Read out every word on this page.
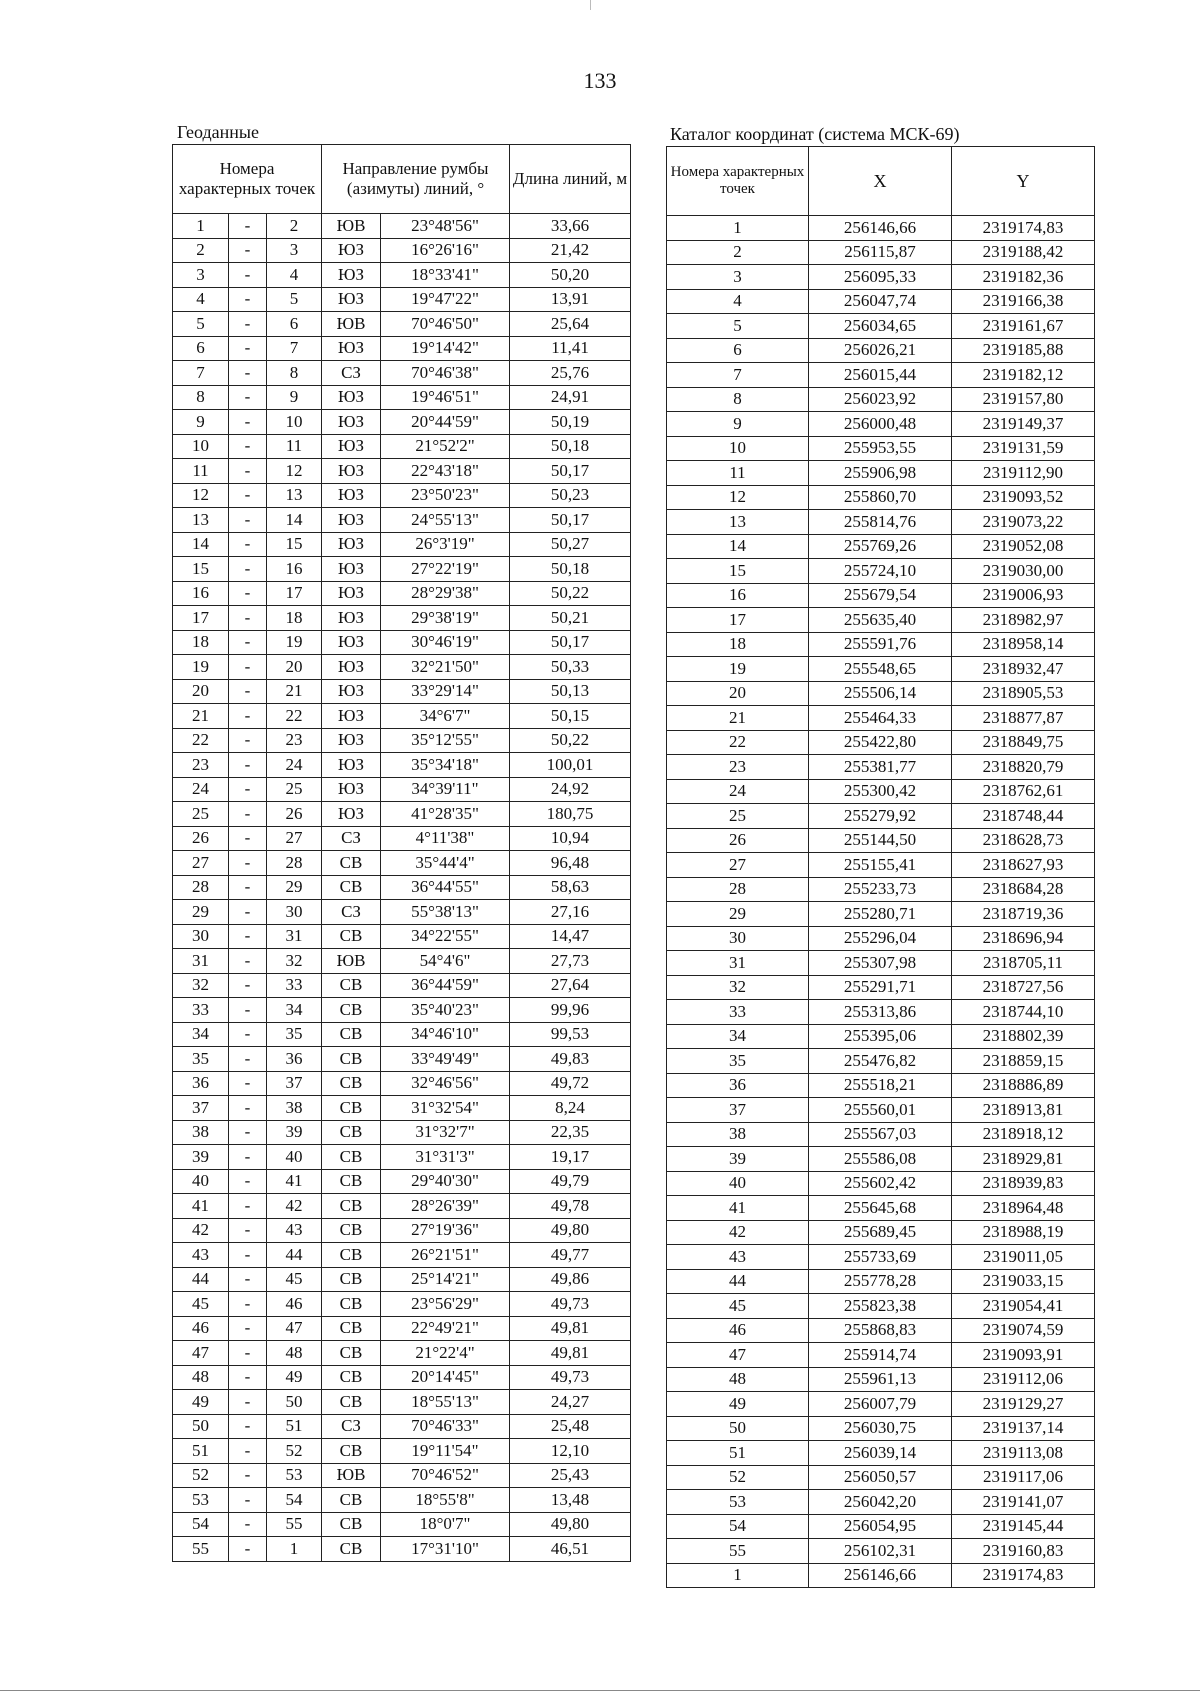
133
Геоданные	Каталог координат (система МСК-69)
Номера характерных точек			Направление румбы (азимуты) линий, °		Длина линий, м
1	-	2	ЮВ	23°48'56"	33,66
2	-	3	ЮЗ	16°26'16"	21,42
3	-	4	ЮЗ	18°33'41"	50,20
4	-	5	ЮЗ	19°47'22"	13,91
5	-	6	ЮВ	70°46'50"	25,64
6	-	7	ЮЗ	19°14'42"	11,41
7	-	8	СЗ	70°46'38"	25,76
8	-	9	ЮЗ	19°46'51"	24,91
9	-	10	ЮЗ	20°44'59"	50,19
10	-	11	ЮЗ	21°52'2"	50,18
11	-	12	ЮЗ	22°43'18"	50,17
12	-	13	ЮЗ	23°50'23"	50,23
13	-	14	ЮЗ	24°55'13"	50,17
14	-	15	ЮЗ	26°3'19"	50,27
15	-	16	ЮЗ	27°22'19"	50,18
16	-	17	ЮЗ	28°29'38"	50,22
17	-	18	ЮЗ	29°38'19"	50,21
18	-	19	ЮЗ	30°46'19"	50,17
19	-	20	ЮЗ	32°21'50"	50,33
20	-	21	ЮЗ	33°29'14"	50,13
21	-	22	ЮЗ	34°6'7"	50,15
22	-	23	ЮЗ	35°12'55"	50,22
23	-	24	ЮЗ	35°34'18"	100,01
24	-	25	ЮЗ	34°39'11"	24,92
25	-	26	ЮЗ	41°28'35"	180,75
26	-	27	СЗ	4°11'38"	10,94
27	-	28	СВ	35°44'4"	96,48
28	-	29	СВ	36°44'55"	58,63
29	-	30	СЗ	55°38'13"	27,16
30	-	31	СВ	34°22'55"	14,47
31	-	32	ЮВ	54°4'6"	27,73
32	-	33	СВ	36°44'59"	27,64
33	-	34	СВ	35°40'23"	99,96
34	-	35	СВ	34°46'10"	99,53
35	-	36	СВ	33°49'49"	49,83
36	-	37	СВ	32°46'56"	49,72
37	-	38	СВ	31°32'54"	8,24
38	-	39	СВ	31°32'7"	22,35
39	-	40	СВ	31°31'3"	19,17
40	-	41	СВ	29°40'30"	49,79
41	-	42	СВ	28°26'39"	49,78
42	-	43	СВ	27°19'36"	49,80
43	-	44	СВ	26°21'51"	49,77
44	-	45	СВ	25°14'21"	49,86
45	-	46	СВ	23°56'29"	49,73
46	-	47	СВ	22°49'21"	49,81
47	-	48	СВ	21°22'4"	49,81
48	-	49	СВ	20°14'45"	49,73
49	-	50	СВ	18°55'13"	24,27
50	-	51	СЗ	70°46'33"	25,48
51	-	52	СВ	19°11'54"	12,10
52	-	53	ЮВ	70°46'52"	25,43
53	-	54	СВ	18°55'8"	13,48
54	-	55	СВ	18°0'7"	49,80
55	-	1	СВ	17°31'10"	46,51
Номера характерных точек	X	Y
1	256146,66	2319174,83
2	256115,87	2319188,42
3	256095,33	2319182,36
4	256047,74	2319166,38
5	256034,65	2319161,67
6	256026,21	2319185,88
7	256015,44	2319182,12
8	256023,92	2319157,80
9	256000,48	2319149,37
10	255953,55	2319131,59
11	255906,98	2319112,90
12	255860,70	2319093,52
13	255814,76	2319073,22
14	255769,26	2319052,08
15	255724,10	2319030,00
16	255679,54	2319006,93
17	255635,40	2318982,97
18	255591,76	2318958,14
19	255548,65	2318932,47
20	255506,14	2318905,53
21	255464,33	2318877,87
22	255422,80	2318849,75
23	255381,77	2318820,79
24	255300,42	2318762,61
25	255279,92	2318748,44
26	255144,50	2318628,73
27	255155,41	2318627,93
28	255233,73	2318684,28
29	255280,71	2318719,36
30	255296,04	2318696,94
31	255307,98	2318705,11
32	255291,71	2318727,56
33	255313,86	2318744,10
34	255395,06	2318802,39
35	255476,82	2318859,15
36	255518,21	2318886,89
37	255560,01	2318913,81
38	255567,03	2318918,12
39	255586,08	2318929,81
40	255602,42	2318939,83
41	255645,68	2318964,48
42	255689,45	2318988,19
43	255733,69	2319011,05
44	255778,28	2319033,15
45	255823,38	2319054,41
46	255868,83	2319074,59
47	255914,74	2319093,91
48	255961,13	2319112,06
49	256007,79	2319129,27
50	256030,75	2319137,14
51	256039,14	2319113,08
52	256050,57	2319117,06
53	256042,20	2319141,07
54	256054,95	2319145,44
55	256102,31	2319160,83
1	256146,66	2319174,83
